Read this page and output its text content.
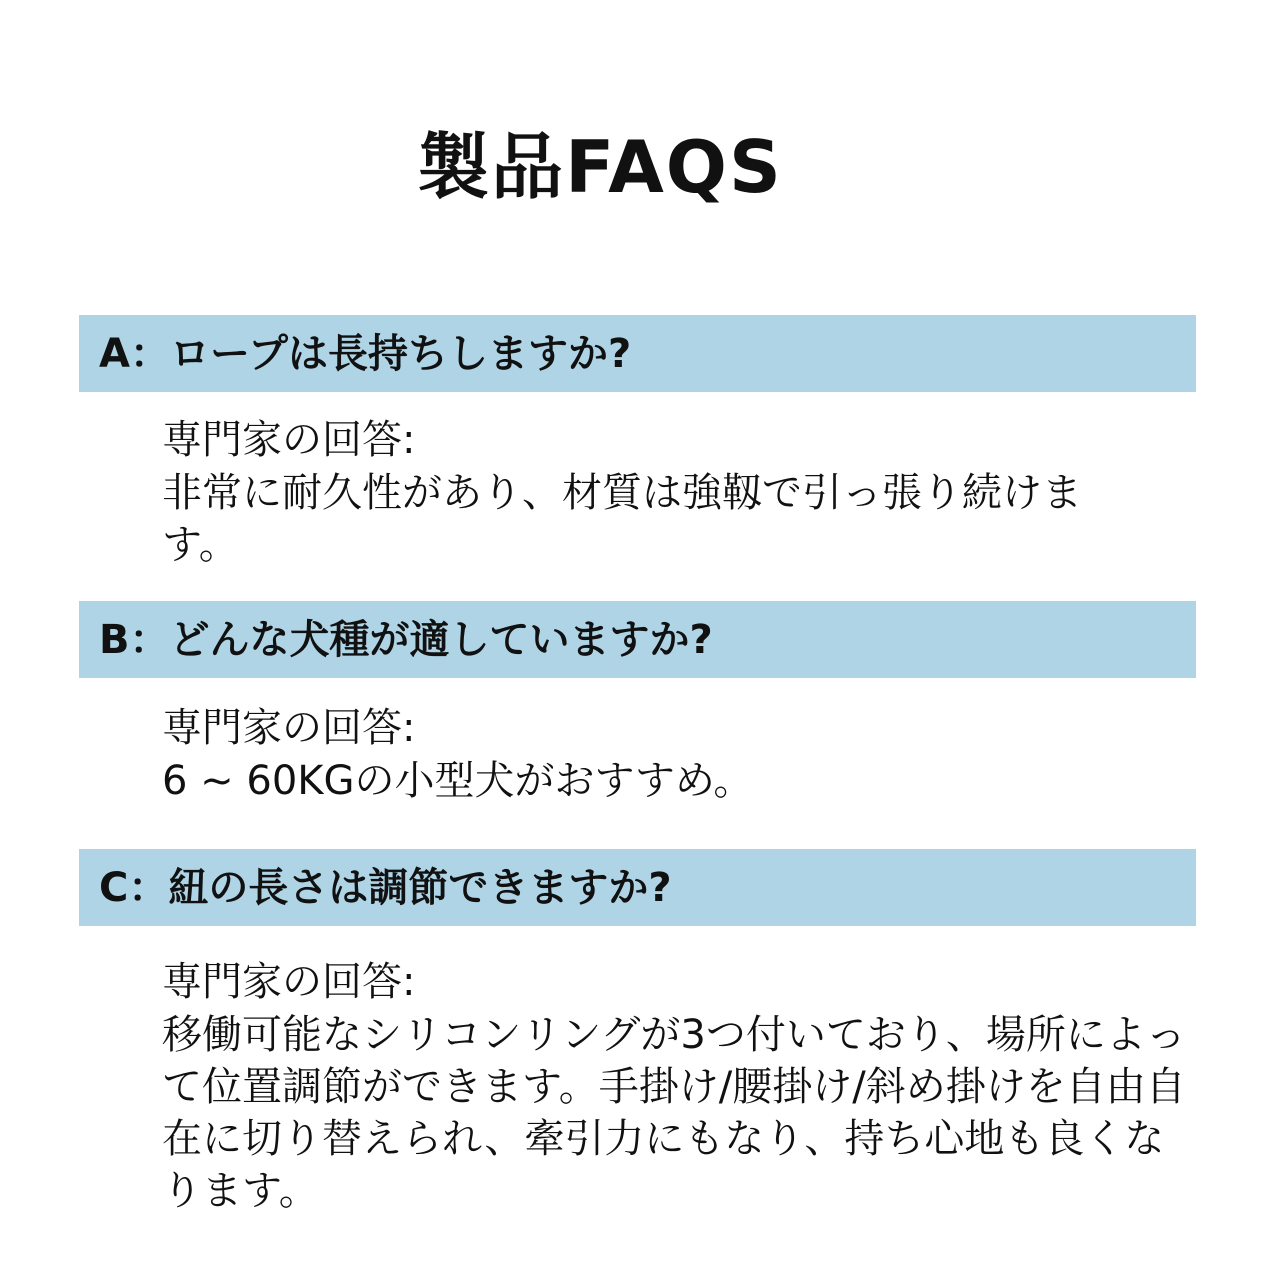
製品FAQS
A：ロープは長持ちしますか?
専門家の回答:
非常に耐久性があり、材質は強靱で引っ張り続けます。
B：どんな犬種が適していますか?
専門家の回答:
6 ~ 60KGの小型犬がおすすめ。
C：紐の長さは調節できますか?
専門家の回答:
移働可能なシリコンリングが3つ付いており、場所によって位置調節ができます。手掛け/腰掛け/斜め掛けを自由自在に切り替えられ、牽引力にもなり、持ち心地も良くなります。
